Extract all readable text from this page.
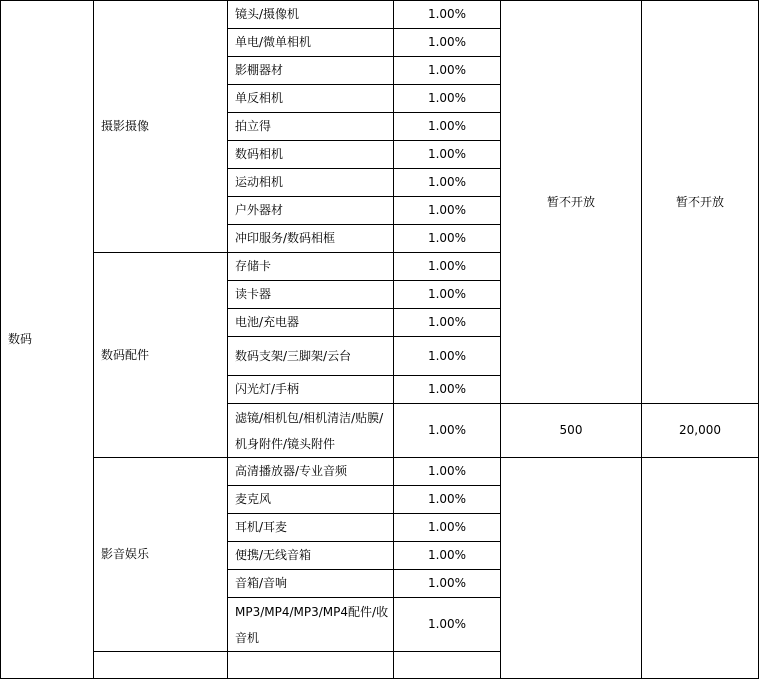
数码	摄影摄像	镜头/摄像机	1.00%	暂不开放	暂不开放
		单电/微单相机	1.00%		
		影棚器材	1.00%		
		单反相机	1.00%		
		拍立得	1.00%		
		数码相机	1.00%		
		运动相机	1.00%		
		户外器材	1.00%		
		冲印服务/数码相框	1.00%		
	数码配件	存储卡	1.00%		
		读卡器	1.00%		
		电池/充电器	1.00%		
		数码支架/三脚架/云台	1.00%		
		闪光灯/手柄	1.00%		
		滤镜/相机包/相机清洁/贴膜/机身附件/镜头附件	1.00%	500	20,000
	影音娱乐	高清播放器/专业音频	1.00%		
		麦克风	1.00%		
		耳机/耳麦	1.00%		
		便携/无线音箱	1.00%		
		音箱/音响	1.00%		
		MP3/MP4/MP3/MP4配件/收音机	1.00%		
